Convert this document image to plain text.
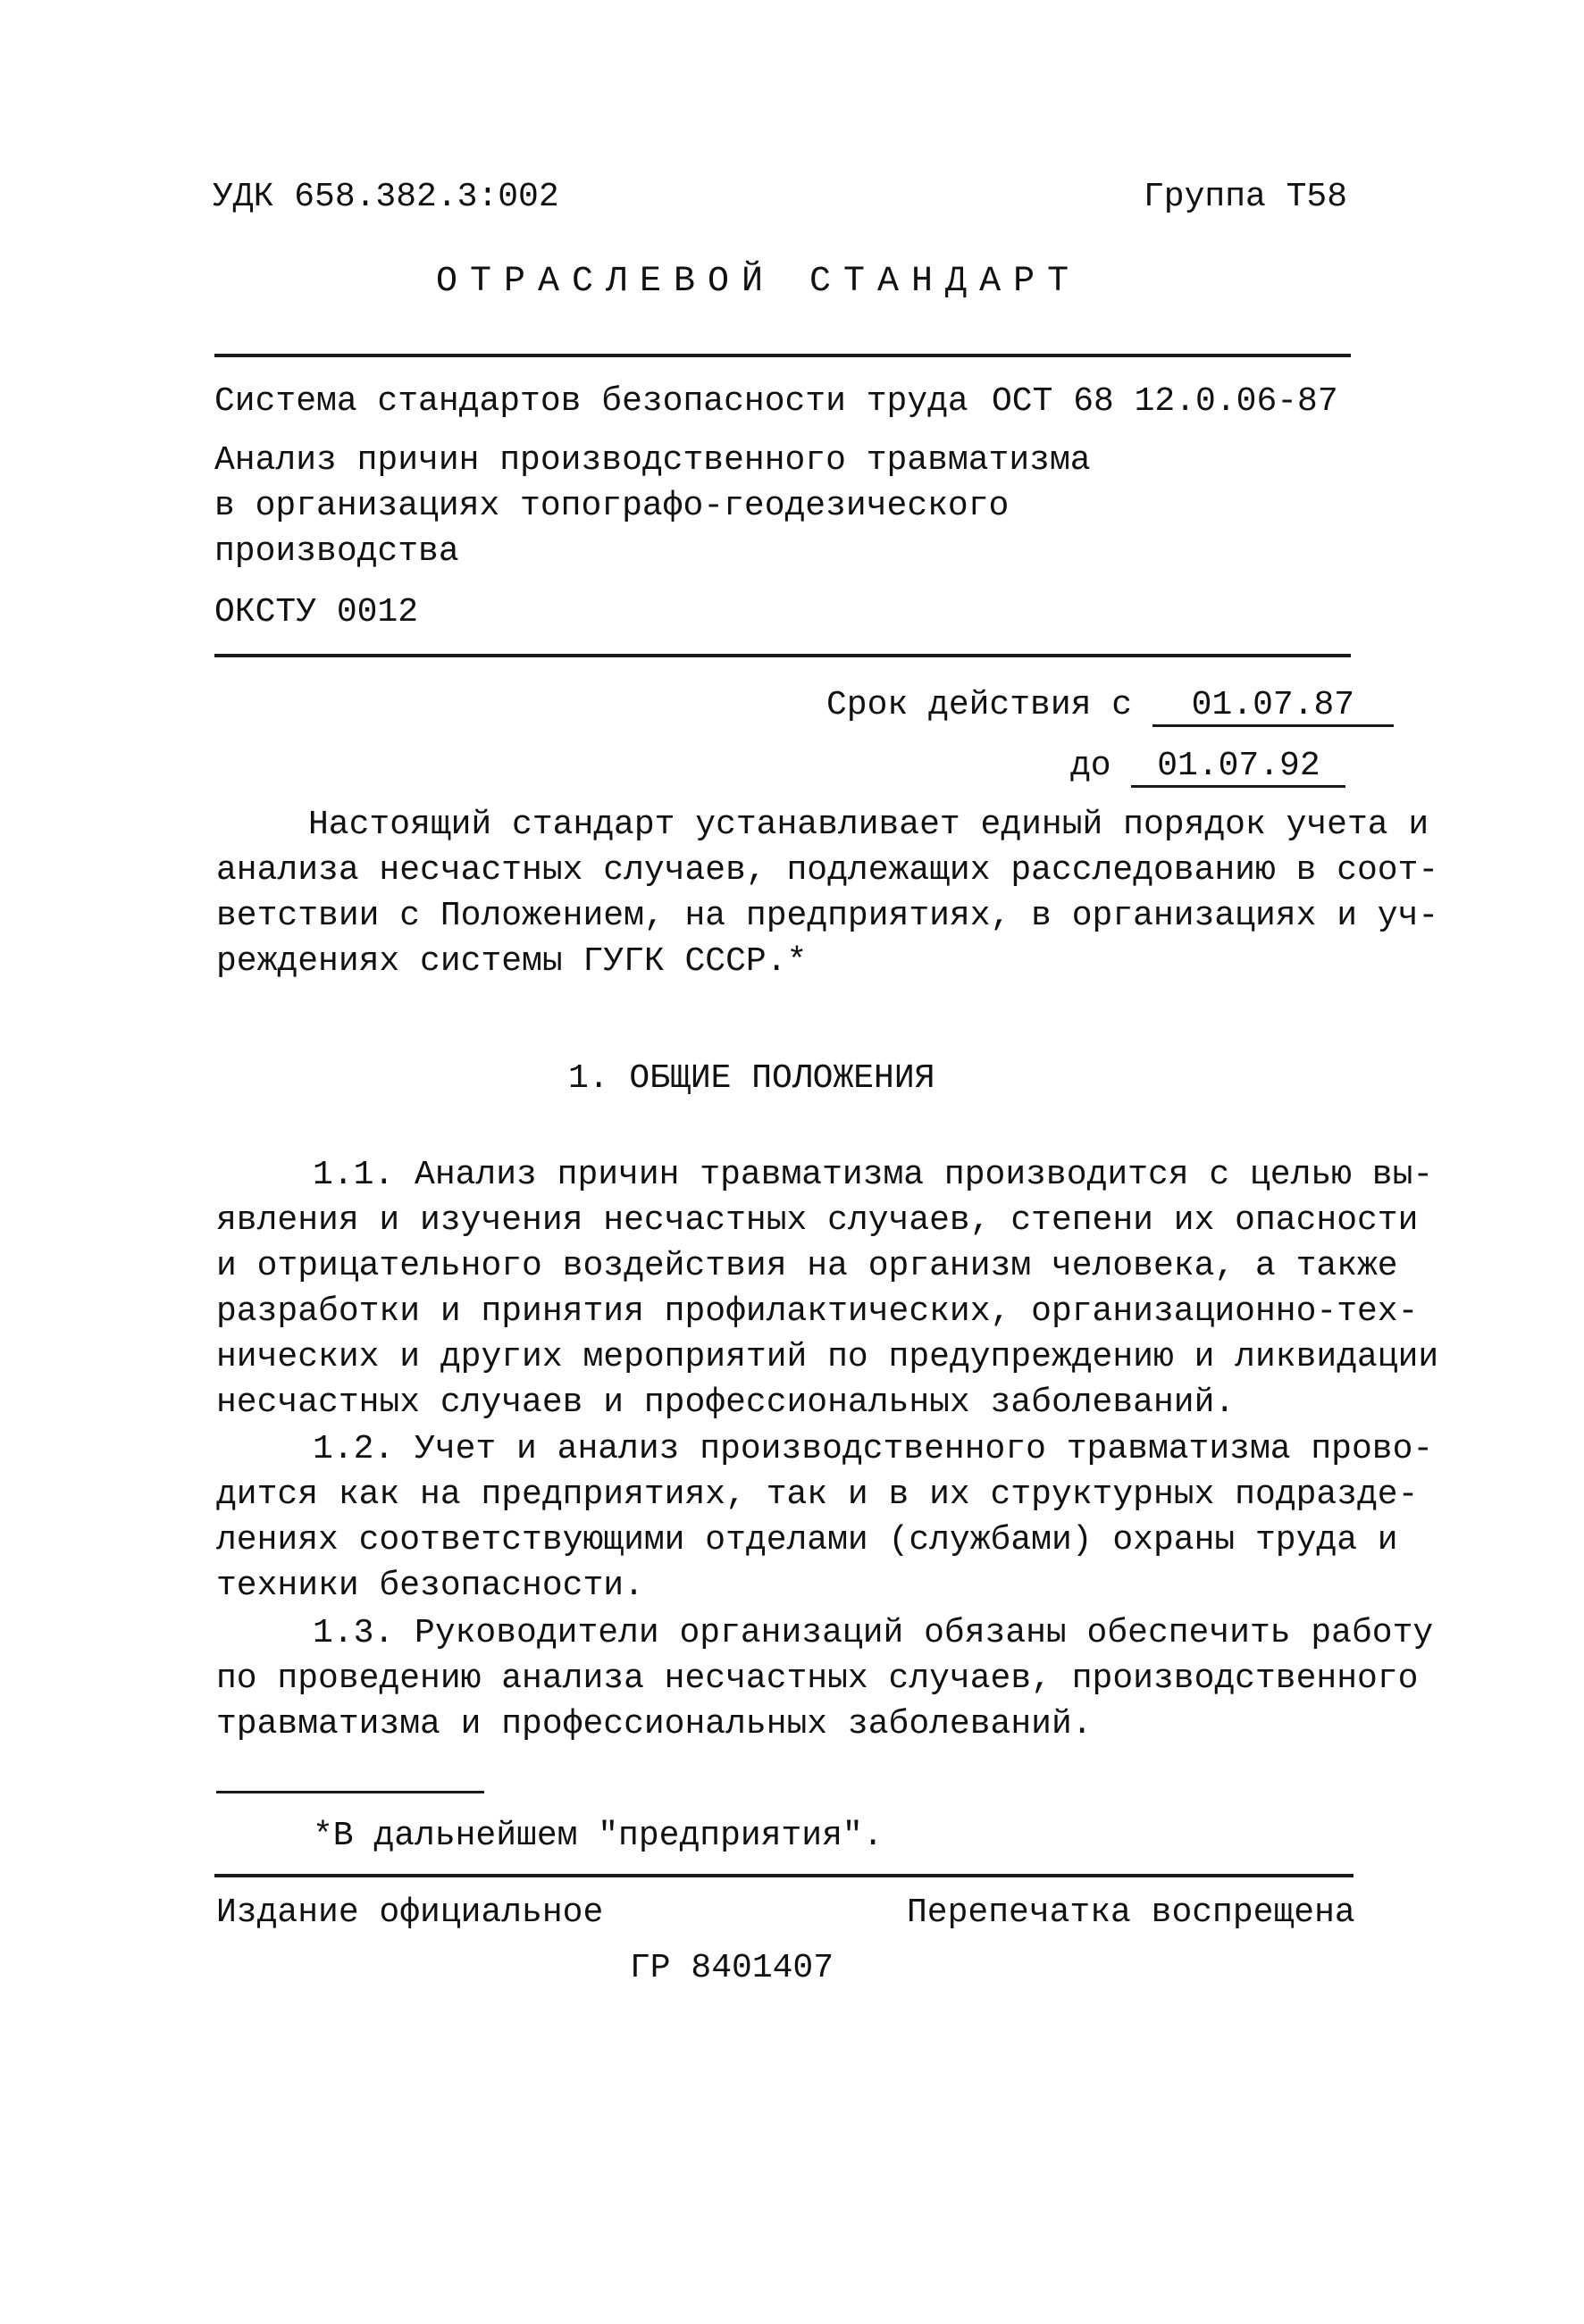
УДК 658.382.3:002	Группа Т58
ОТРАСЛЕВОЙ СТАНДАРТ
Система стандартов безопасности труда ОСТ 68 12.0.06-87
Анализ причин производственного травматизма
в организациях топографо-геодезического
производства
ОКСТУ 0012
Срок действия с 01.07.87
до 01.07.92
Настоящий стандарт устанавливает единый порядок учета и
анализа несчастных случаев, подлежащих расследованию в соот-
ветствии с Положением, на предприятиях, в организациях и уч-
реждениях системы ГУГК СССР.*
1. ОБЩИЕ ПОЛОЖЕНИЯ
1.1. Анализ причин травматизма производится с целью вы-
явления и изучения несчастных случаев, степени их опасности
и отрицательного воздействия на организм человека, а также
разработки и принятия профилактических, организационно-тех-
нических и других мероприятий по предупреждению и ликвидации
несчастных случаев и профессиональных заболеваний.
1.2. Учет и анализ производственного травматизма прово-
дится как на предприятиях, так и в их структурных подразде-
лениях соответствующими отделами (службами) охраны труда и
техники безопасности.
1.3. Руководители организаций обязаны обеспечить работу
по проведению анализа несчастных случаев, производственного
травматизма и профессиональных заболеваний.
*В дальнейшем "предприятия".
Издание официальное	Перепечатка воспрещена
ГР 8401407
